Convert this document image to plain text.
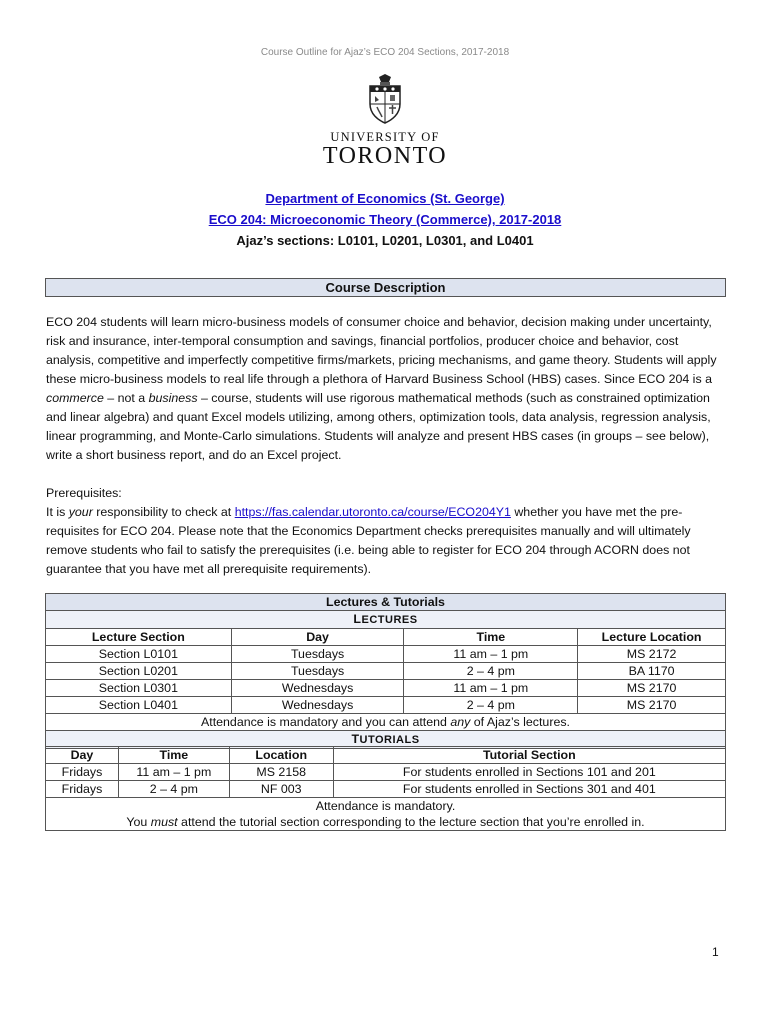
Course Outline for Ajaz’s ECO 204 Sections, 2017-2018
UNIVERSITY OF
TORONTO
Department of Economics (St. George)
ECO 204: Microeconomic Theory (Commerce), 2017-2018
Ajaz’s sections: L0101, L0201, L0301, and L0401
Course Description

ECO 204 students will learn micro-business models of consumer choice and behavior, decision making under uncertainty, risk and insurance, inter-temporal consumption and savings, financial portfolios, producer choice and behavior, cost analysis, competitive and imperfectly competitive firms/markets, pricing mechanisms, and game theory. Students will apply these micro-business models to real life through a plethora of Harvard Business School (HBS) cases. Since ECO 204 is a commerce – not a business – course, students will use rigorous mathematical methods (such as constrained optimization and linear algebra) and quant Excel models utilizing, among others, optimization tools, data analysis, regression analysis, linear programming, and Monte-Carlo simulations. Students will analyze and present HBS cases (in groups – see below), write a short business report, and do an Excel project.

Prerequisites:

It is your responsibility to check at https://fas.calendar.utoronto.ca/course/ECO204Y1 whether you have met the pre-requisites for ECO 204. Please note that the Economics Department checks prerequisites manually and will ultimately remove students who fail to satisfy the prerequisites (i.e. being able to register for ECO 204 through ACORN does not guarantee that you have met all prerequisite requirements).

Lectures & Tutorials			
LECTURES			
Lecture Section	Day	Time	Lecture Location
Section L0101	Tuesdays	11 am – 1 pm	MS 2172
Section L0201	Tuesdays	2 – 4 pm	BA 1170
Section L0301	Wednesdays	11 am – 1 pm	MS 2170
Section L0401	Wednesdays	2 – 4 pm	MS 2170
Attendance is mandatory and you can attend any of Ajaz’s lectures.			
TUTORIALS			
Day	Time	Location	Tutorial Section
Fridays	11 am – 1 pm	MS 2158	For students enrolled in Sections 101 and 201
Fridays	2 – 4 pm	NF 003	For students enrolled in Sections 301 and 401
Attendance is mandatory.			
You must attend the tutorial section corresponding to the lecture section that you’re enrolled in.			
1
